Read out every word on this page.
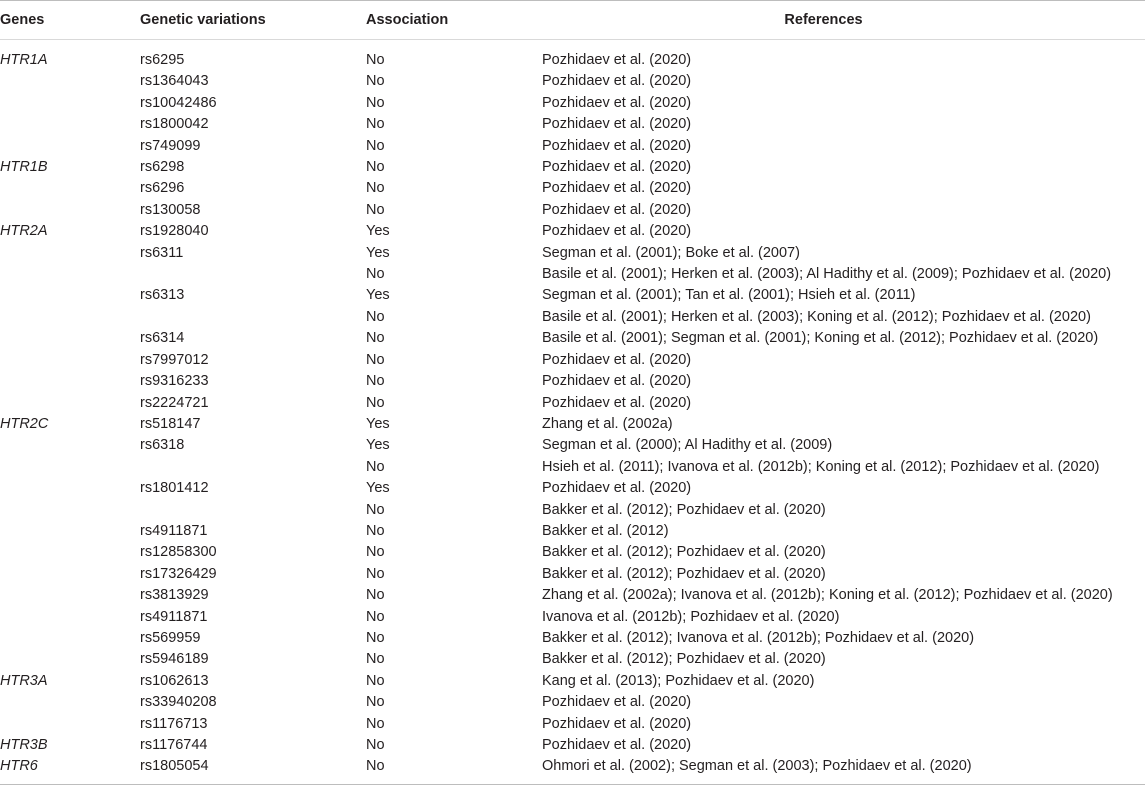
Genes	Genetic variations	Association	References

HTR1A	rs6295	No	Pozhidaev et al. (2020)
	rs1364043	No	Pozhidaev et al. (2020)
	rs10042486	No	Pozhidaev et al. (2020)
	rs1800042	No	Pozhidaev et al. (2020)
	rs749099	No	Pozhidaev et al. (2020)
HTR1B	rs6298	No	Pozhidaev et al. (2020)
	rs6296	No	Pozhidaev et al. (2020)
	rs130058	No	Pozhidaev et al. (2020)
HTR2A	rs1928040	Yes	Pozhidaev et al. (2020)
	rs6311	Yes	Segman et al. (2001); Boke et al. (2007)
		No	Basile et al. (2001); Herken et al. (2003); Al Hadithy et al. (2009); Pozhidaev et al. (2020)
	rs6313	Yes	Segman et al. (2001); Tan et al. (2001); Hsieh et al. (2011)
		No	Basile et al. (2001); Herken et al. (2003); Koning et al. (2012); Pozhidaev et al. (2020)
	rs6314	No	Basile et al. (2001); Segman et al. (2001); Koning et al. (2012); Pozhidaev et al. (2020)
	rs7997012	No	Pozhidaev et al. (2020)
	rs9316233	No	Pozhidaev et al. (2020)
	rs2224721	No	Pozhidaev et al. (2020)
HTR2C	rs518147	Yes	Zhang et al. (2002a)
	rs6318	Yes	Segman et al. (2000); Al Hadithy et al. (2009)
		No	Hsieh et al. (2011); Ivanova et al. (2012b); Koning et al. (2012); Pozhidaev et al. (2020)
	rs1801412	Yes	Pozhidaev et al. (2020)
		No	Bakker et al. (2012); Pozhidaev et al. (2020)
	rs4911871	No	Bakker et al. (2012)
	rs12858300	No	Bakker et al. (2012); Pozhidaev et al. (2020)
	rs17326429	No	Bakker et al. (2012); Pozhidaev et al. (2020)
	rs3813929	No	Zhang et al. (2002a); Ivanova et al. (2012b); Koning et al. (2012); Pozhidaev et al. (2020)
	rs4911871	No	Ivanova et al. (2012b); Pozhidaev et al. (2020)
	rs569959	No	Bakker et al. (2012); Ivanova et al. (2012b); Pozhidaev et al. (2020)
	rs5946189	No	Bakker et al. (2012); Pozhidaev et al. (2020)
HTR3A	rs1062613	No	Kang et al. (2013); Pozhidaev et al. (2020)
	rs33940208	No	Pozhidaev et al. (2020)
	rs1176713	No	Pozhidaev et al. (2020)
HTR3B	rs1176744	No	Pozhidaev et al. (2020)
HTR6	rs1805054	No	Ohmori et al. (2002); Segman et al. (2003); Pozhidaev et al. (2020)
